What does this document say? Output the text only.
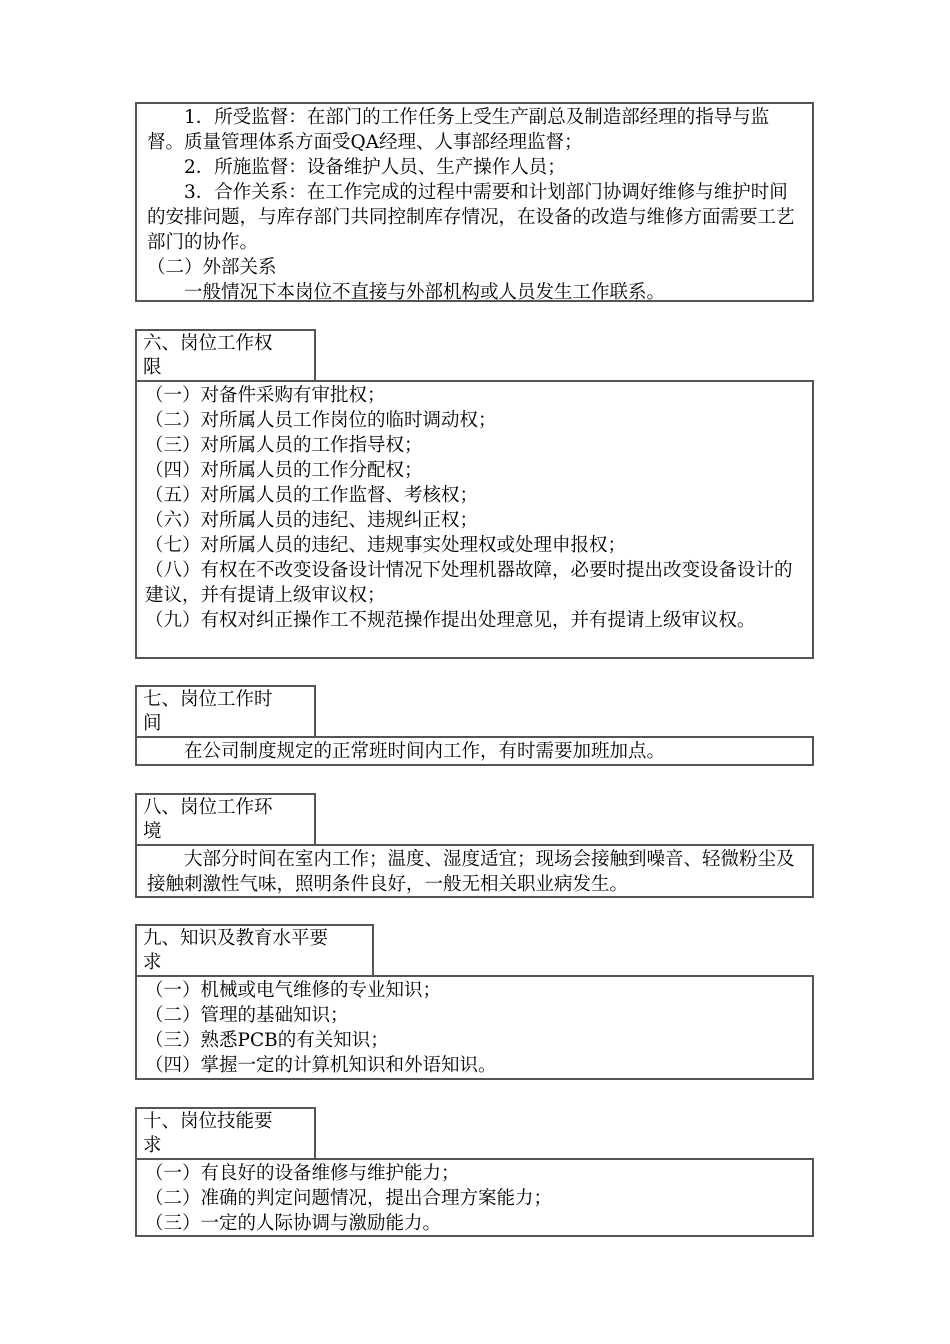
1．所受监督：在部门的工作任务上受生产副总及制造部经理的指导与监督。质量管理体系方面受QA经理、人事部经理监督；

2．所施监督：设备维护人员、生产操作人员；

3．合作关系：在工作完成的过程中需要和计划部门协调好维修与维护时间的安排问题，与库存部门共同控制库存情况，在设备的改造与维修方面需要工艺部门的协作。

（二）外部关系

一般情况下本岗位不直接与外部机构或人员发生工作联系。

六、岗位工作权
限

（一）对备件采购有审批权；

（二）对所属人员工作岗位的临时调动权；

（三）对所属人员的工作指导权；

（四）对所属人员的工作分配权；

（五）对所属人员的工作监督、考核权；

（六）对所属人员的违纪、违规纠正权；

（七）对所属人员的违纪、违规事实处理权或处理申报权；

（八）有权在不改变设备设计情况下处理机器故障，必要时提出改变设备设计的建议，并有提请上级审议权；

（九）有权对纠正操作工不规范操作提出处理意见，并有提请上级审议权。

七、岗位工作时
间

在公司制度规定的正常班时间内工作，有时需要加班加点。

八、岗位工作环
境

大部分时间在室内工作；温度、湿度适宜；现场会接触到噪音、轻微粉尘及接触刺激性气味，照明条件良好，一般无相关职业病发生。

九、知识及教育水平要
求

（一）机械或电气维修的专业知识；

（二）管理的基础知识；

（三）熟悉PCB的有关知识；

（四）掌握一定的计算机知识和外语知识。

十、岗位技能要
求

（一）有良好的设备维修与维护能力；

（二）准确的判定问题情况，提出合理方案能力；

（三）一定的人际协调与激励能力。
